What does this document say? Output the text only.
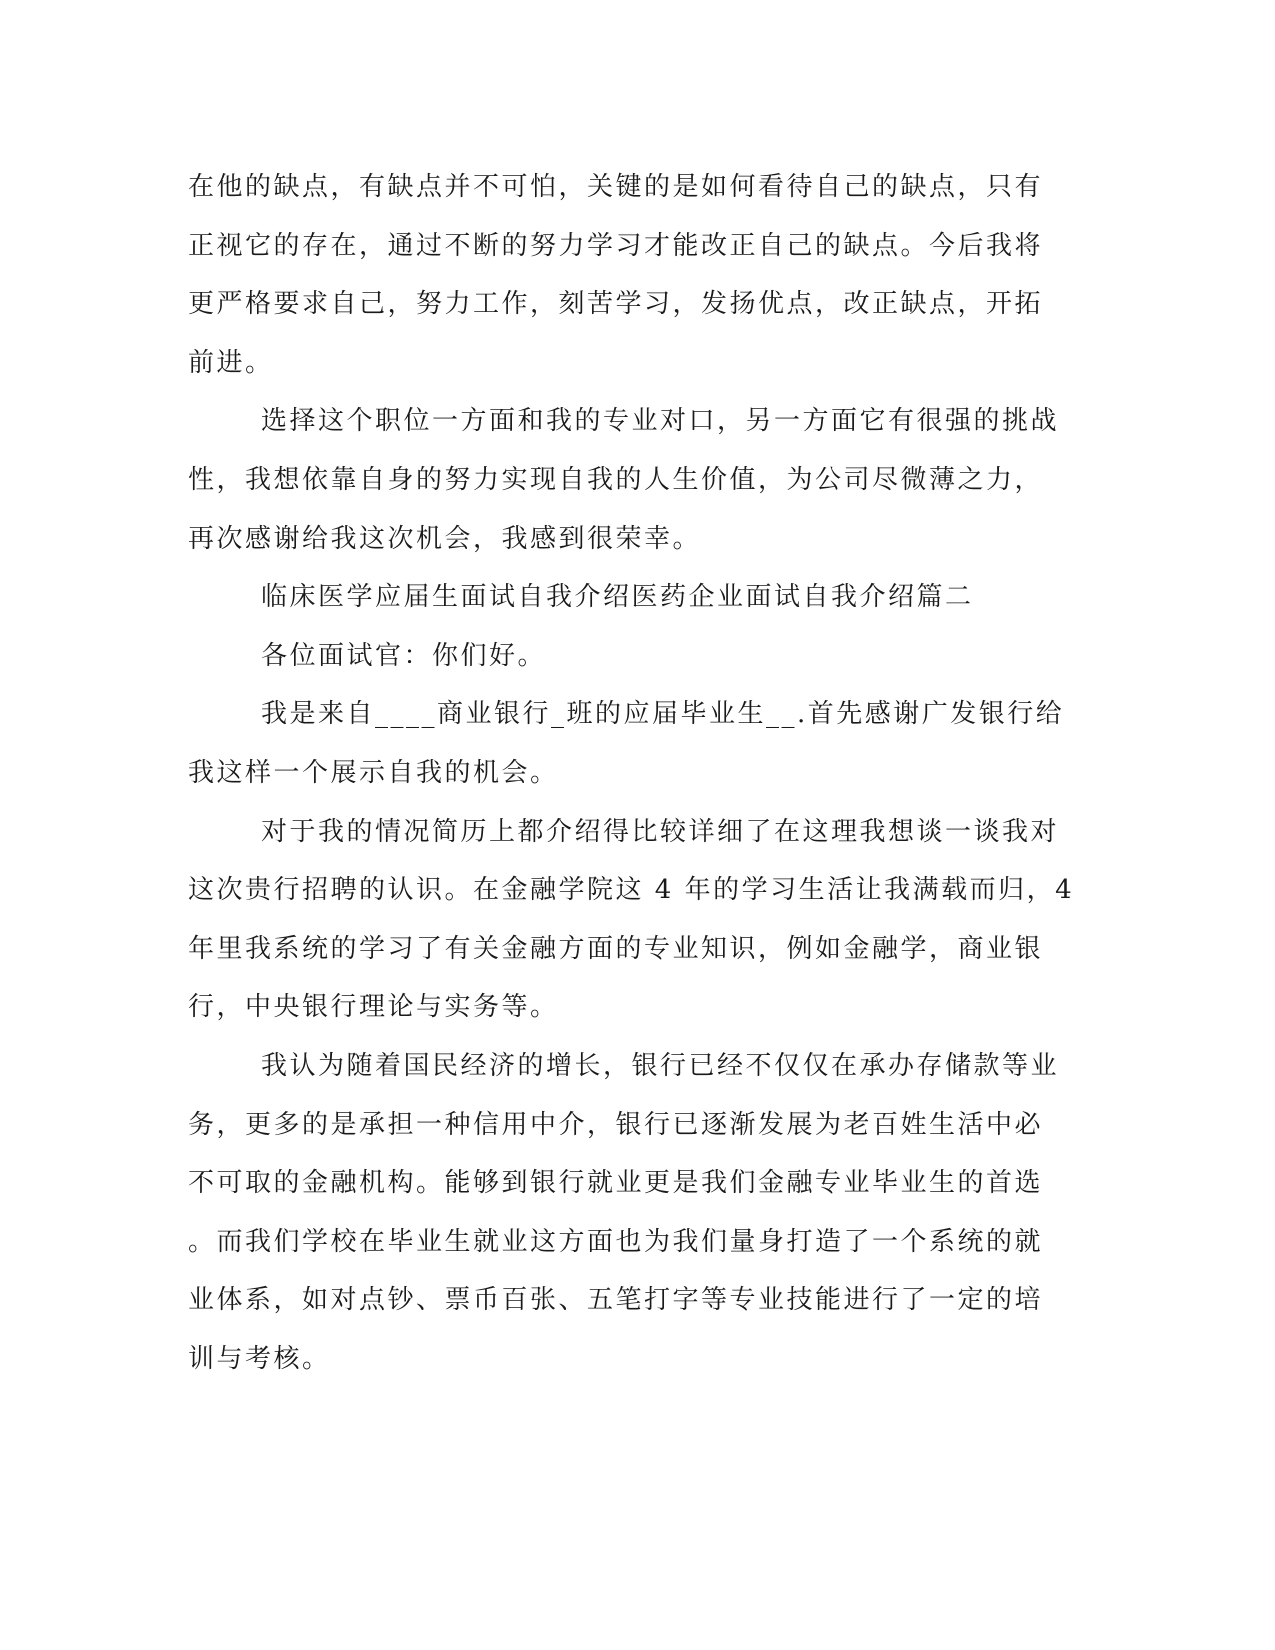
在他的缺点，有缺点并不可怕，关键的是如何看待自己的缺点，只有
正视它的存在，通过不断的努力学习才能改正自己的缺点。今后我将
更严格要求自己，努力工作，刻苦学习，发扬优点，改正缺点，开拓
前进。
选择这个职位一方面和我的专业对口，另一方面它有很强的挑战
性，我想依靠自身的努力实现自我的人生价值，为公司尽微薄之力，
再次感谢给我这次机会，我感到很荣幸。
临床医学应届生面试自我介绍医药企业面试自我介绍篇二
各位面试官：你们好。
我是来自____商业银行_班的应届毕业生__.首先感谢广发银行给
我这样一个展示自我的机会。
对于我的情况简历上都介绍得比较详细了在这理我想谈一谈我对
这次贵行招聘的认识。在金融学院这 4 年的学习生活让我满载而归，4
年里我系统的学习了有关金融方面的专业知识，例如金融学，商业银
行，中央银行理论与实务等。
我认为随着国民经济的增长，银行已经不仅仅在承办存储款等业
务，更多的是承担一种信用中介，银行已逐渐发展为老百姓生活中必
不可取的金融机构。能够到银行就业更是我们金融专业毕业生的首选
。而我们学校在毕业生就业这方面也为我们量身打造了一个系统的就
业体系，如对点钞、票币百张、五笔打字等专业技能进行了一定的培
训与考核。
